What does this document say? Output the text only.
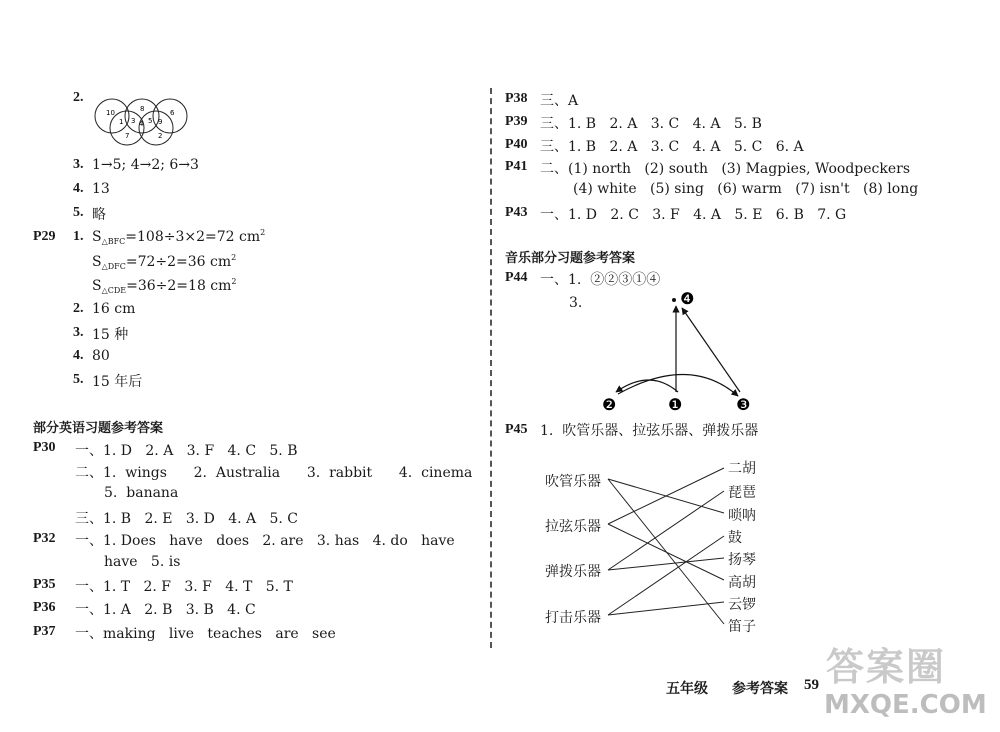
2.
10	8	6
1 3 5
4 9
7	2
3. 1→5; 4→2; 6→3
4. 13
5. 略
P29 1. $S_{\triangle BFC}=108\div 3\times 2=72$ $cm^2$
$S_{\triangle DFC}=72\div 2=36$ $cm^2$
$S_{\triangle CDE}=36\div 2=18$ $cm^2$
2. 16 cm
3. 15 种
4. 80
5. 15 年后
部分英语习题参考答案
P30 一、1. D   2. A   3. F   4. C   5. B
二、1.  wings      2.  Australia      3.  rabbit      4.  cinema
5.  banana
三、1. B   2. E   3. D   4. A   5. C
P32 一、1. Does   have   does   2. are   3. has   4. do   have
have   5. is
P35 一、1. T   2. F   3. F   4. T   5. T
P36 一、1. A   2. B   3. B   4. C
P37 一、making   live   teaches   are   see
P38 三、A
P39 三、1. B   2. A   3. C   4. A   5. B
P40 三、1. B   2. A   3. C   4. A   5. C   6. A
P41 二、(1) north   (2) south   (3) Magpies, Woodpeckers
(4) white   (5) sing   (6) warm   (7) isn't   (8) long
P43 一、1. D   2. C   3. F   4. A   5. E   6. B   7. G
音乐部分习题参考答案
P44 一、1.  ②②③①④
3.	❹
❷	❶	❸
P45 1.  吹管乐器、拉弦乐器、弹拨乐器
吹管乐器
拉弦乐器
弹拨乐器
打击乐器
二胡
琵琶
唢呐
鼓
扬琴
高胡
云锣
笛子
五年级 参考答案 59 答案圈
MXQE.COM
